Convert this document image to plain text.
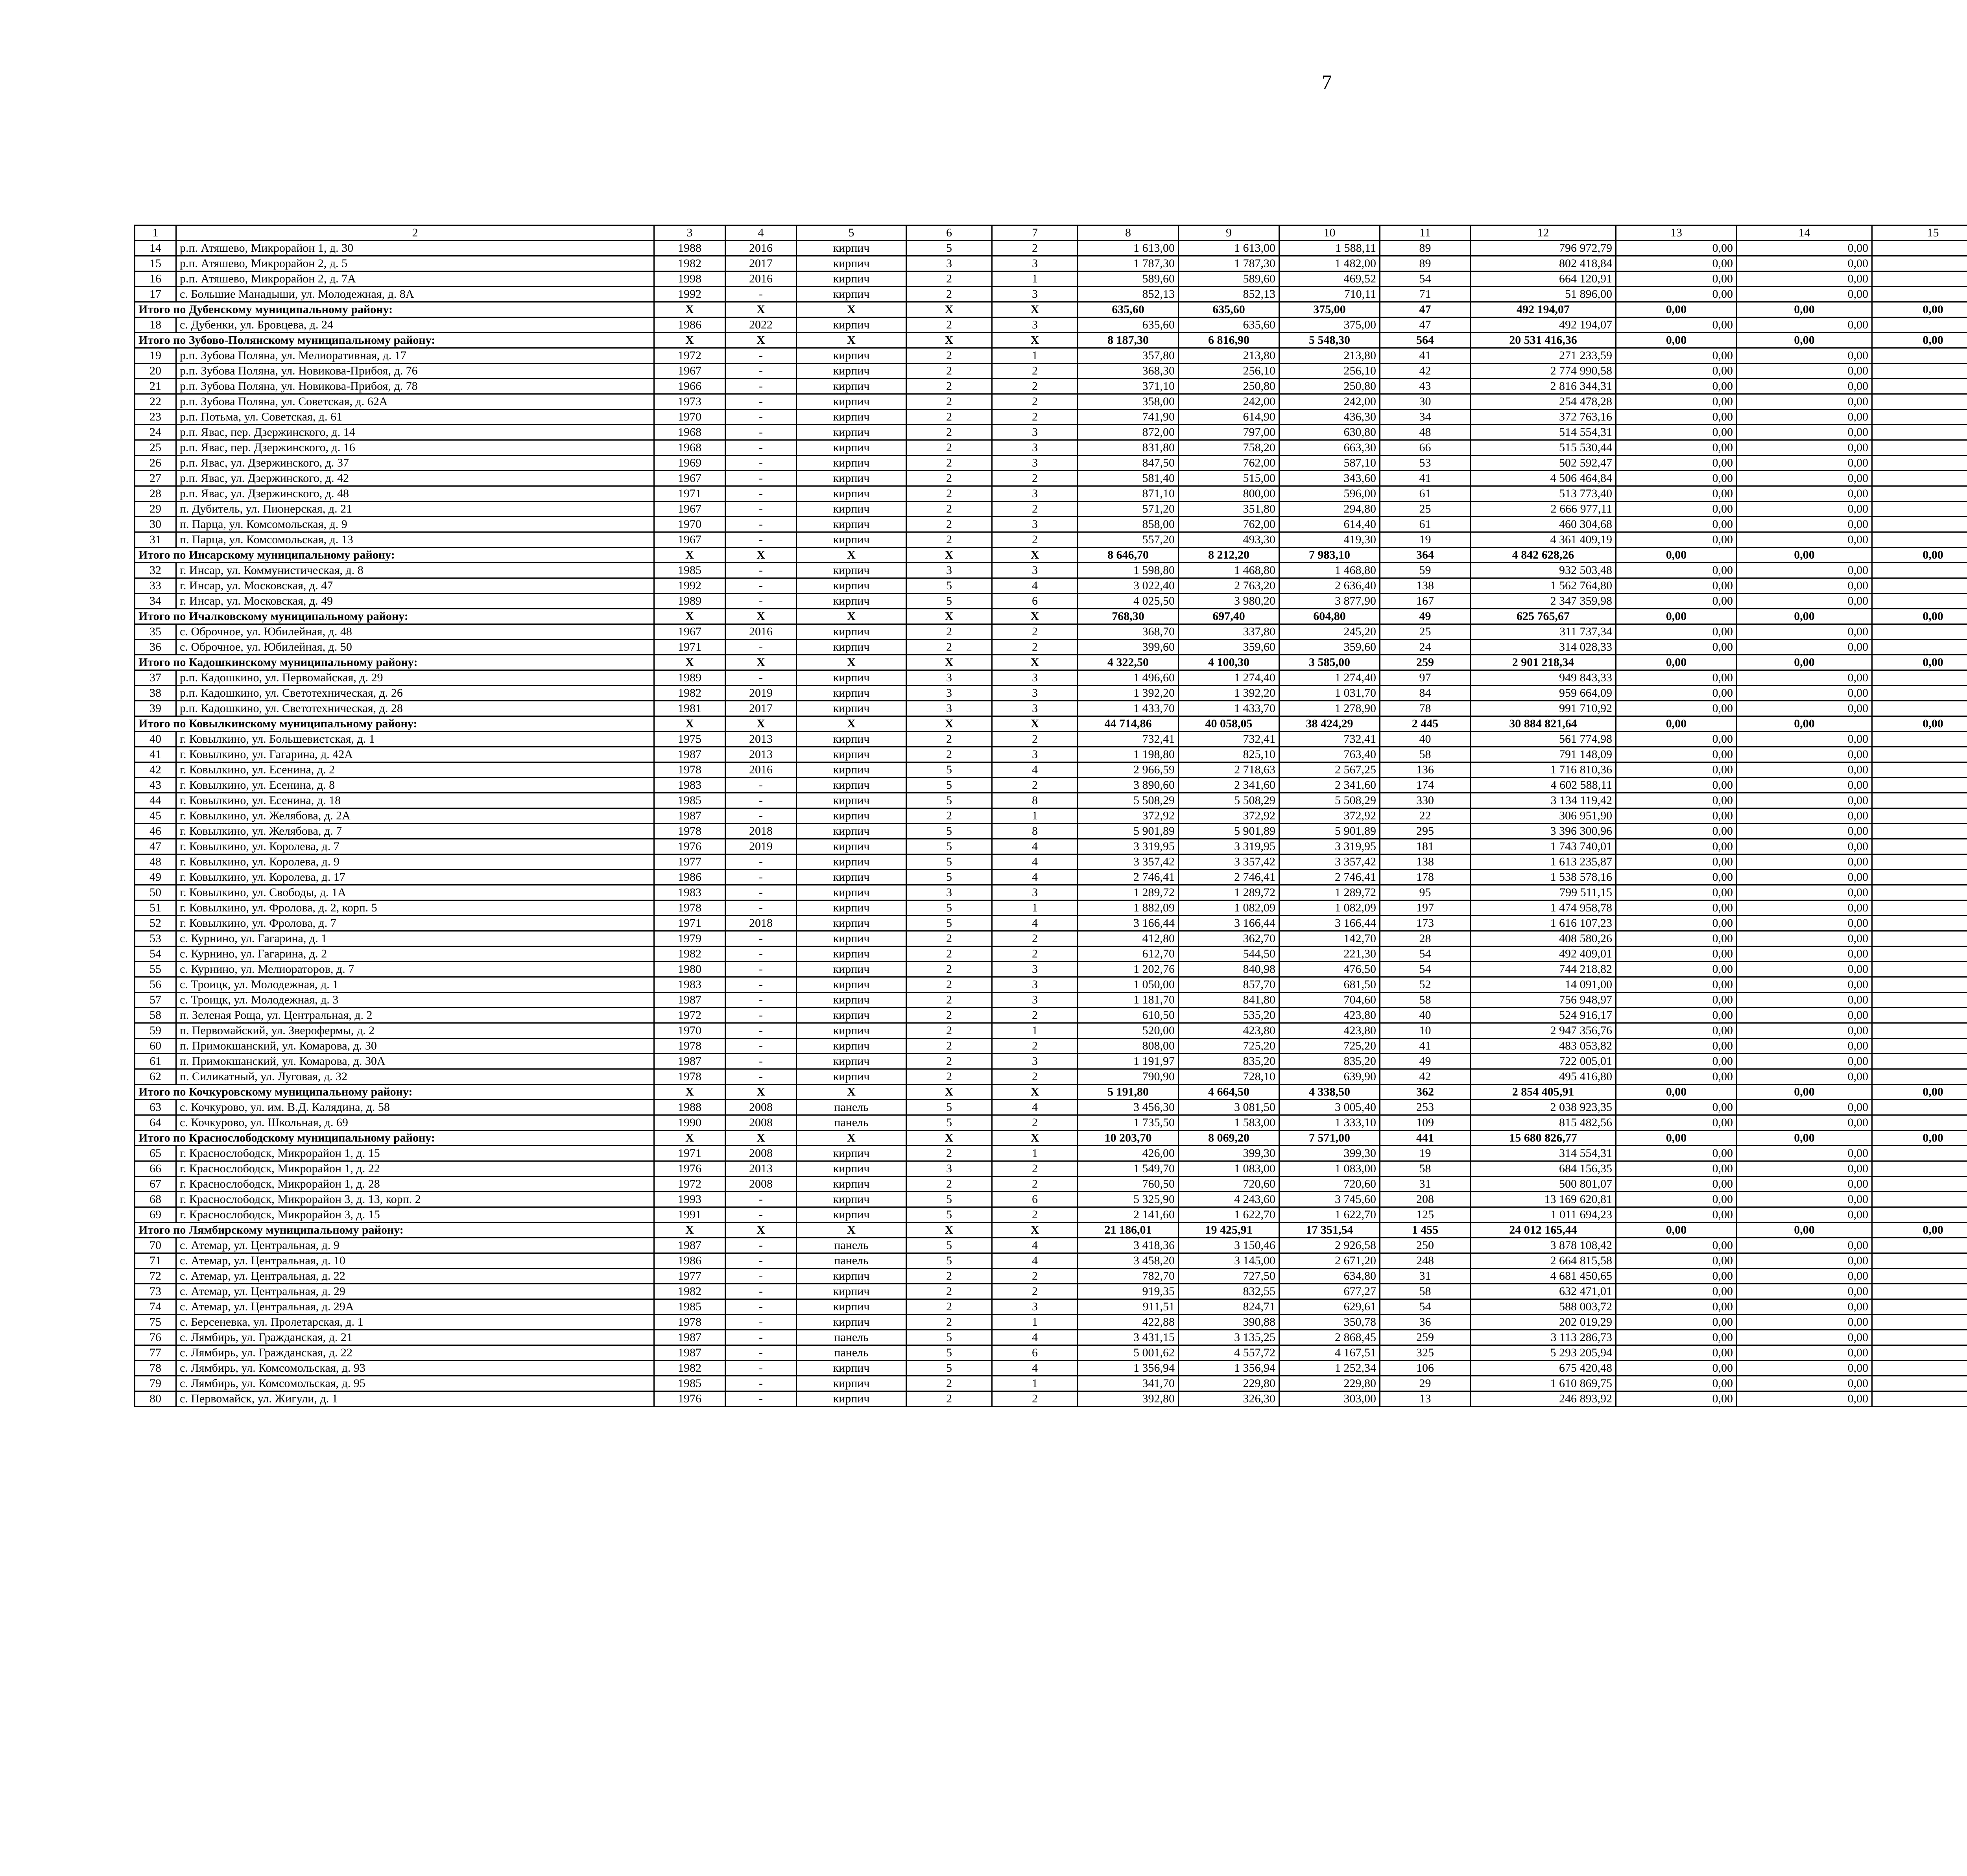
7
1	2	3	4	5	6	7	8	9	10	11	12	13	14	15				
14	р.п. Атяшево, Микрорайон 1, д. 30	1988	2016	кирпич	5	2	1 613,00	1 613,00	1 588,11	89	796 972,79	0,00	0,00					
15	р.п. Атяшево, Микрорайон 2, д. 5	1982	2017	кирпич	3	3	1 787,30	1 787,30	1 482,00	89	802 418,84	0,00	0,00					
16	р.п. Атяшево, Микрорайон 2, д. 7А	1998	2016	кирпич	2	1	589,60	589,60	469,52	54	664 120,91	0,00	0,00					
17	с. Большие Манадыши, ул. Молодежная, д. 8А	1992	-	кирпич	2	3	852,13	852,13	710,11	71	51 896,00	0,00	0,00					
Итого по Дубенскому муниципальному району:		Х	Х	Х	Х	Х	635,60	635,60	375,00	47	492 194,07	0,00	0,00	0,00				
18	с. Дубенки, ул. Бровцева, д. 24	1986	2022	кирпич	2	3	635,60	635,60	375,00	47	492 194,07	0,00	0,00					
Итого по Зубово-Полянскому муниципальному району:		Х	Х	Х	Х	Х	8 187,30	6 816,90	5 548,30	564	20 531 416,36	0,00	0,00	0,00				
19	р.п. Зубова Поляна, ул. Мелиоративная, д. 17	1972	-	кирпич	2	1	357,80	213,80	213,80	41	271 233,59	0,00	0,00					
20	р.п. Зубова Поляна, ул. Новикова-Прибоя, д. 76	1967	-	кирпич	2	2	368,30	256,10	256,10	42	2 774 990,58	0,00	0,00					
21	р.п. Зубова Поляна, ул. Новикова-Прибоя, д. 78	1966	-	кирпич	2	2	371,10	250,80	250,80	43	2 816 344,31	0,00	0,00					
22	р.п. Зубова Поляна, ул. Советская, д. 62А	1973	-	кирпич	2	2	358,00	242,00	242,00	30	254 478,28	0,00	0,00					
23	р.п. Потьма, ул. Советская, д. 61	1970	-	кирпич	2	2	741,90	614,90	436,30	34	372 763,16	0,00	0,00					
24	р.п. Явас, пер. Дзержинского, д. 14	1968	-	кирпич	2	3	872,00	797,00	630,80	48	514 554,31	0,00	0,00					
25	р.п. Явас, пер. Дзержинского, д. 16	1968	-	кирпич	2	3	831,80	758,20	663,30	66	515 530,44	0,00	0,00					
26	р.п. Явас, ул. Дзержинского, д. 37	1969	-	кирпич	2	3	847,50	762,00	587,10	53	502 592,47	0,00	0,00					
27	р.п. Явас, ул. Дзержинского, д. 42	1967	-	кирпич	2	2	581,40	515,00	343,60	41	4 506 464,84	0,00	0,00					
28	р.п. Явас, ул. Дзержинского, д. 48	1971	-	кирпич	2	3	871,10	800,00	596,00	61	513 773,40	0,00	0,00					
29	п. Дубитель, ул. Пионерская, д. 21	1967	-	кирпич	2	2	571,20	351,80	294,80	25	2 666 977,11	0,00	0,00					
30	п. Парца, ул. Комсомольская, д. 9	1970	-	кирпич	2	3	858,00	762,00	614,40	61	460 304,68	0,00	0,00					
31	п. Парца, ул. Комсомольская, д. 13	1967	-	кирпич	2	2	557,20	493,30	419,30	19	4 361 409,19	0,00	0,00					
Итого по Инсарскому муниципальному району:		Х	Х	Х	Х	Х	8 646,70	8 212,20	7 983,10	364	4 842 628,26	0,00	0,00	0,00				
32	г. Инсар, ул. Коммунистическая, д. 8	1985	-	кирпич	3	3	1 598,80	1 468,80	1 468,80	59	932 503,48	0,00	0,00					
33	г. Инсар, ул. Московская, д. 47	1992	-	кирпич	5	4	3 022,40	2 763,20	2 636,40	138	1 562 764,80	0,00	0,00					
34	г. Инсар, ул. Московская, д. 49	1989	-	кирпич	5	6	4 025,50	3 980,20	3 877,90	167	2 347 359,98	0,00	0,00					
Итого по Ичалковскому муниципальному району:		Х	Х	Х	Х	Х	768,30	697,40	604,80	49	625 765,67	0,00	0,00	0,00				
35	с. Оброчное, ул. Юбилейная, д. 48	1967	2016	кирпич	2	2	368,70	337,80	245,20	25	311 737,34	0,00	0,00					
36	с. Оброчное, ул. Юбилейная, д. 50	1971	-	кирпич	2	2	399,60	359,60	359,60	24	314 028,33	0,00	0,00					
Итого по Кадошкинскому муниципальному району:		Х	Х	Х	Х	Х	4 322,50	4 100,30	3 585,00	259	2 901 218,34	0,00	0,00	0,00				
37	р.п. Кадошкино, ул. Первомайская, д. 29	1989	-	кирпич	3	3	1 496,60	1 274,40	1 274,40	97	949 843,33	0,00	0,00					
38	р.п. Кадошкино, ул. Светотехническая, д. 26	1982	2019	кирпич	3	3	1 392,20	1 392,20	1 031,70	84	959 664,09	0,00	0,00					
39	р.п. Кадошкино, ул. Светотехническая, д. 28	1981	2017	кирпич	3	3	1 433,70	1 433,70	1 278,90	78	991 710,92	0,00	0,00					
Итого по Ковылкинскому муниципальному району:		Х	Х	Х	Х	Х	44 714,86	40 058,05	38 424,29	2 445	30 884 821,64	0,00	0,00	0,00				
40	г. Ковылкино, ул. Большевистская, д. 1	1975	2013	кирпич	2	2	732,41	732,41	732,41	40	561 774,98	0,00	0,00					
41	г. Ковылкино, ул. Гагарина, д. 42А	1987	2013	кирпич	2	3	1 198,80	825,10	763,40	58	791 148,09	0,00	0,00					
42	г. Ковылкино, ул. Есенина, д. 2	1978	2016	кирпич	5	4	2 966,59	2 718,63	2 567,25	136	1 716 810,36	0,00	0,00					
43	г. Ковылкино, ул. Есенина, д. 8	1983	-	кирпич	5	2	3 890,60	2 341,60	2 341,60	174	4 602 588,11	0,00	0,00					
44	г. Ковылкино, ул. Есенина, д. 18	1985	-	кирпич	5	8	5 508,29	5 508,29	5 508,29	330	3 134 119,42	0,00	0,00					
45	г. Ковылкино, ул. Желябова, д. 2А	1987	-	кирпич	2	1	372,92	372,92	372,92	22	306 951,90	0,00	0,00					
46	г. Ковылкино, ул. Желябова, д. 7	1978	2018	кирпич	5	8	5 901,89	5 901,89	5 901,89	295	3 396 300,96	0,00	0,00					
47	г. Ковылкино, ул. Королева, д. 7	1976	2019	кирпич	5	4	3 319,95	3 319,95	3 319,95	181	1 743 740,01	0,00	0,00					
48	г. Ковылкино, ул. Королева, д. 9	1977	-	кирпич	5	4	3 357,42	3 357,42	3 357,42	138	1 613 235,87	0,00	0,00					
49	г. Ковылкино, ул. Королева, д. 17	1986	-	кирпич	5	4	2 746,41	2 746,41	2 746,41	178	1 538 578,16	0,00	0,00					
50	г. Ковылкино, ул. Свободы, д. 1А	1983	-	кирпич	3	3	1 289,72	1 289,72	1 289,72	95	799 511,15	0,00	0,00					
51	г. Ковылкино, ул. Фролова, д. 2, корп. 5	1978	-	кирпич	5	1	1 882,09	1 082,09	1 082,09	197	1 474 958,78	0,00	0,00					
52	г. Ковылкино, ул. Фролова, д. 7	1971	2018	кирпич	5	4	3 166,44	3 166,44	3 166,44	173	1 616 107,23	0,00	0,00					
53	с. Курнино, ул. Гагарина, д. 1	1979	-	кирпич	2	2	412,80	362,70	142,70	28	408 580,26	0,00	0,00					
54	с. Курнино, ул. Гагарина, д. 2	1982	-	кирпич	2	2	612,70	544,50	221,30	54	492 409,01	0,00	0,00					
55	с. Курнино, ул. Мелиораторов, д. 7	1980	-	кирпич	2	3	1 202,76	840,98	476,50	54	744 218,82	0,00	0,00					
56	с. Троицк, ул. Молодежная, д. 1	1983	-	кирпич	2	3	1 050,00	857,70	681,50	52	14 091,00	0,00	0,00					
57	с. Троицк, ул. Молодежная, д. 3	1987	-	кирпич	2	3	1 181,70	841,80	704,60	58	756 948,97	0,00	0,00					
58	п. Зеленая Роща, ул. Центральная, д. 2	1972	-	кирпич	2	2	610,50	535,20	423,80	40	524 916,17	0,00	0,00					
59	п. Первомайский, ул. Зверофермы, д. 2	1970	-	кирпич	2	1	520,00	423,80	423,80	10	2 947 356,76	0,00	0,00					
60	п. Примокшанский, ул. Комарова, д. 30	1978	-	кирпич	2	2	808,00	725,20	725,20	41	483 053,82	0,00	0,00					
61	п. Примокшанский, ул. Комарова, д. 30А	1987	-	кирпич	2	3	1 191,97	835,20	835,20	49	722 005,01	0,00	0,00					
62	п. Силикатный, ул. Луговая, д. 32	1978	-	кирпич	2	2	790,90	728,10	639,90	42	495 416,80	0,00	0,00					
Итого по Кочкуровскому муниципальному району:		Х	Х	Х	Х	Х	5 191,80	4 664,50	4 338,50	362	2 854 405,91	0,00	0,00	0,00				
63	с. Кочкурово, ул. им. В.Д. Калядина, д. 58	1988	2008	панель	5	4	3 456,30	3 081,50	3 005,40	253	2 038 923,35	0,00	0,00					
64	с. Кочкурово, ул. Школьная, д. 69	1990	2008	панель	5	2	1 735,50	1 583,00	1 333,10	109	815 482,56	0,00	0,00					
Итого по Краснослободскому муниципальному району:		Х	Х	Х	Х	Х	10 203,70	8 069,20	7 571,00	441	15 680 826,77	0,00	0,00	0,00				
65	г. Краснослободск, Микрорайон 1, д. 15	1971	2008	кирпич	2	1	426,00	399,30	399,30	19	314 554,31	0,00	0,00					
66	г. Краснослободск, Микрорайон 1, д. 22	1976	2013	кирпич	3	2	1 549,70	1 083,00	1 083,00	58	684 156,35	0,00	0,00					
67	г. Краснослободск, Микрорайон 1, д. 28	1972	2008	кирпич	2	2	760,50	720,60	720,60	31	500 801,07	0,00	0,00					
68	г. Краснослободск, Микрорайон 3, д. 13, корп. 2	1993	-	кирпич	5	6	5 325,90	4 243,60	3 745,60	208	13 169 620,81	0,00	0,00					
69	г. Краснослободск, Микрорайон 3, д. 15	1991	-	кирпич	5	2	2 141,60	1 622,70	1 622,70	125	1 011 694,23	0,00	0,00					
Итого по Лямбирскому муниципальному району:		Х	Х	Х	Х	Х	21 186,01	19 425,91	17 351,54	1 455	24 012 165,44	0,00	0,00	0,00				
70	с. Атемар, ул. Центральная, д. 9	1987	-	панель	5	4	3 418,36	3 150,46	2 926,58	250	3 878 108,42	0,00	0,00					
71	с. Атемар, ул. Центральная, д. 10	1986	-	панель	5	4	3 458,20	3 145,00	2 671,20	248	2 664 815,58	0,00	0,00					
72	с. Атемар, ул. Центральная, д. 22	1977	-	кирпич	2	2	782,70	727,50	634,80	31	4 681 450,65	0,00	0,00					
73	с. Атемар, ул. Центральная, д. 29	1982	-	кирпич	2	2	919,35	832,55	677,27	58	632 471,01	0,00	0,00					
74	с. Атемар, ул. Центральная, д. 29А	1985	-	кирпич	2	3	911,51	824,71	629,61	54	588 003,72	0,00	0,00					
75	с. Берсеневка, ул. Пролетарская, д. 1	1978	-	кирпич	2	1	422,88	390,88	350,78	36	202 019,29	0,00	0,00					
76	с. Лямбирь, ул. Гражданская, д. 21	1987	-	панель	5	4	3 431,15	3 135,25	2 868,45	259	3 113 286,73	0,00	0,00					
77	с. Лямбирь, ул. Гражданская, д. 22	1987	-	панель	5	6	5 001,62	4 557,72	4 167,51	325	5 293 205,94	0,00	0,00					
78	с. Лямбирь, ул. Комсомольская, д. 93	1982	-	кирпич	5	4	1 356,94	1 356,94	1 252,34	106	675 420,48	0,00	0,00					
79	с. Лямбирь, ул. Комсомольская, д. 95	1985	-	кирпич	2	1	341,70	229,80	229,80	29	1 610 869,75	0,00	0,00					
80	с. Первомайск, ул. Жигули, д. 1	1976	-	кирпич	2	2	392,80	326,30	303,00	13	246 893,92	0,00	0,00					
